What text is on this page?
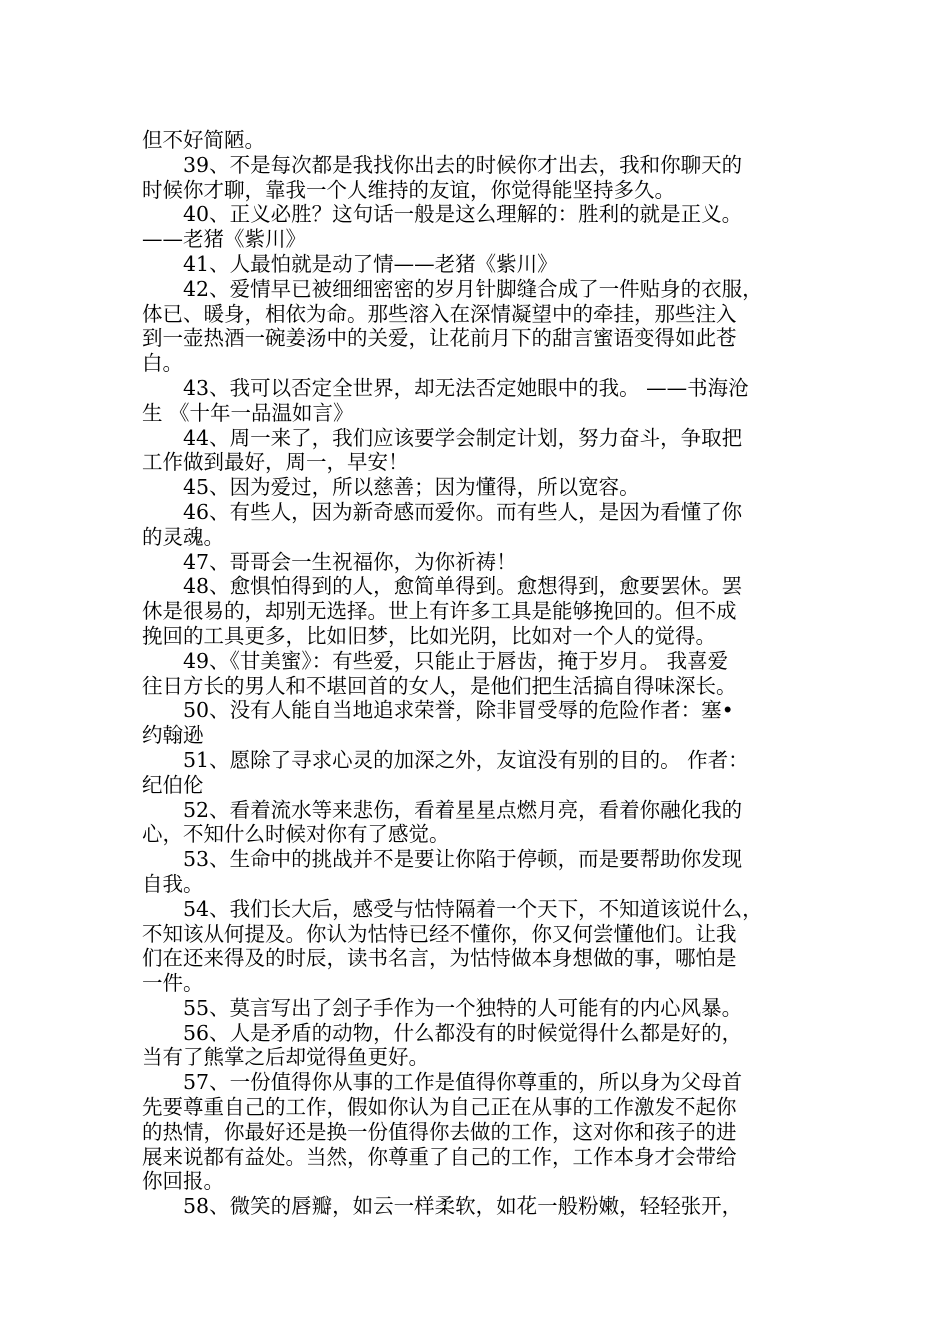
但不好简陋。

39、不是每次都是我找你出去的时候你才出去，我和你聊天的
时候你才聊，靠我一个人维持的友谊，你觉得能坚持多久。

40、正义必胜？这句话一般是这么理解的：胜利的就是正义。
——老猪《紫川》

41、人最怕就是动了情——老猪《紫川》

42、爱情早已被细细密密的岁月针脚缝合成了一件贴身的衣服，
体已、暖身，相依为命。那些溶入在深情凝望中的牵挂，那些注入
到一壶热酒一碗姜汤中的关爱，让花前月下的甜言蜜语变得如此苍
白。

43、我可以否定全世界，却无法否定她眼中的我。 ——书海沧
生 《十年一品温如言》

44、周一来了，我们应该要学会制定计划，努力奋斗，争取把
工作做到最好，周一，早安！

45、因为爱过，所以慈善；因为懂得，所以宽容。

46、有些人，因为新奇感而爱你。而有些人，是因为看懂了你
的灵魂。

47、哥哥会一生祝福你，为你祈祷！

48、愈惧怕得到的人，愈简单得到。愈想得到，愈要罢休。罢
休是很易的，却别无选择。世上有许多工具是能够挽回的。但不成
挽回的工具更多，比如旧梦，比如光阴，比如对一个人的觉得。

49、《甘美蜜》：有些爱，只能止于唇齿，掩于岁月。 我喜爱
往日方长的男人和不堪回首的女人，是他们把生活搞自得味深长。

50、没有人能自当地追求荣誉，除非冒受辱的危险作者：塞•
约翰逊

51、愿除了寻求心灵的加深之外，友谊没有别的目的。 作者：
纪伯伦

52、看着流水等来悲伤，看着星星点燃月亮，看着你融化我的
心，不知什么时候对你有了感觉。

53、生命中的挑战并不是要让你陷于停顿，而是要帮助你发现
自我。

54、我们长大后，感受与怙恃隔着一个天下，不知道该说什么，
不知该从何提及。你认为怙恃已经不懂你，你又何尝懂他们。让我
们在还来得及的时辰，读书名言，为怙恃做本身想做的事，哪怕是
一件。

55、莫言写出了刽子手作为一个独特的人可能有的内心风暴。

56、人是矛盾的动物，什么都没有的时候觉得什么都是好的，
当有了熊掌之后却觉得鱼更好。

57、一份值得你从事的工作是值得你尊重的，所以身为父母首
先要尊重自己的工作，假如你认为自己正在从事的工作激发不起你
的热情，你最好还是换一份值得你去做的工作，这对你和孩子的进
展来说都有益处。当然，你尊重了自己的工作，工作本身才会带给
你回报。

58、微笑的唇瓣，如云一样柔软，如花一般粉嫩，轻轻张开，
